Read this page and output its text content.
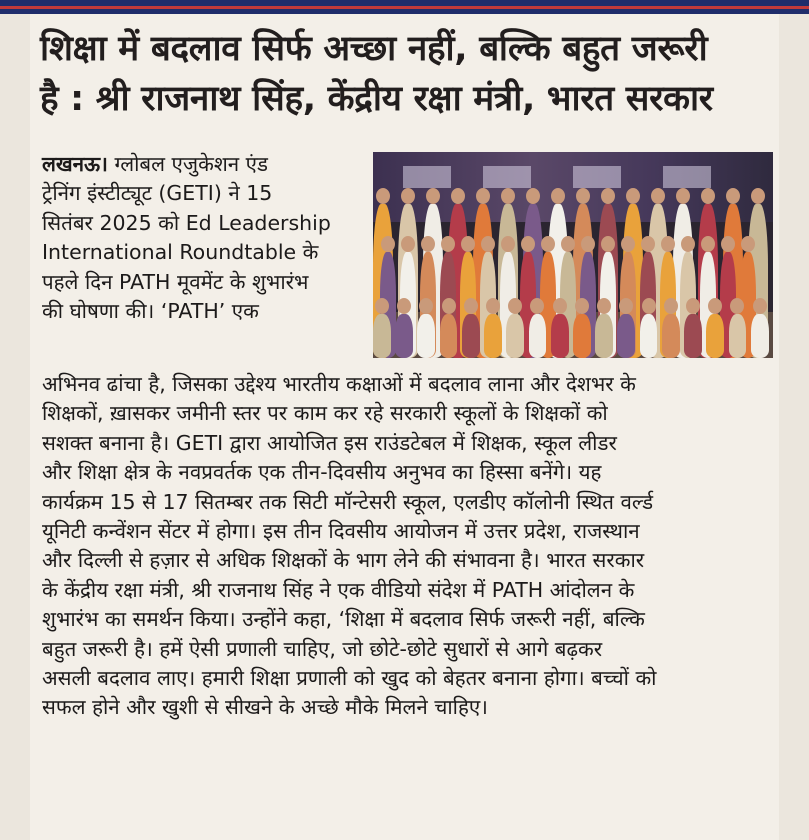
शिक्षा में बदलाव सिर्फ अच्छा नहीं, बल्कि बहुत जरूरी
है : श्री राजनाथ सिंह, केंद्रीय रक्षा मंत्री, भारत सरकार
लखनऊ। ग्लोबल एजुकेशन एंड
ट्रेनिंग इंस्टीट्यूट (GETI) ने 15
सितंबर 2025 को Ed Leadership
International Roundtable के
पहले दिन PATH मूवमेंट के शुभारंभ
की घोषणा की। ‘PATH’ एक
अभिनव ढांचा है, जिसका उद्देश्य भारतीय कक्षाओं में बदलाव लाना और देशभर के
शिक्षकों, ख़ासकर जमीनी स्तर पर काम कर रहे सरकारी स्कूलों के शिक्षकों को
सशक्त बनाना है। GETI द्वारा आयोजित इस राउंडटेबल में शिक्षक, स्कूल लीडर
और शिक्षा क्षेत्र के नवप्रवर्तक एक तीन-दिवसीय अनुभव का हिस्सा बनेंगे। यह
कार्यक्रम 15 से 17 सितम्बर तक सिटी मॉन्टेसरी स्कूल, एलडीए कॉलोनी स्थित वर्ल्ड
यूनिटी कन्वेंशन सेंटर में होगा। इस तीन दिवसीय आयोजन में उत्तर प्रदेश, राजस्थान
और दिल्ली से हज़ार से अधिक शिक्षकों के भाग लेने की संभावना है। भारत सरकार
के केंद्रीय रक्षा मंत्री, श्री राजनाथ सिंह ने एक वीडियो संदेश में PATH आंदोलन के
शुभारंभ का समर्थन किया। उन्होंने कहा, ‘शिक्षा में बदलाव सिर्फ जरूरी नहीं, बल्कि
बहुत जरूरी है। हमें ऐसी प्रणाली चाहिए, जो छोटे-छोटे सुधारों से आगे बढ़कर
असली बदलाव लाए। हमारी शिक्षा प्रणाली को खुद को बेहतर बनाना होगा। बच्चों को
सफल होने और खुशी से सीखने के अच्छे मौके मिलने चाहिए।
